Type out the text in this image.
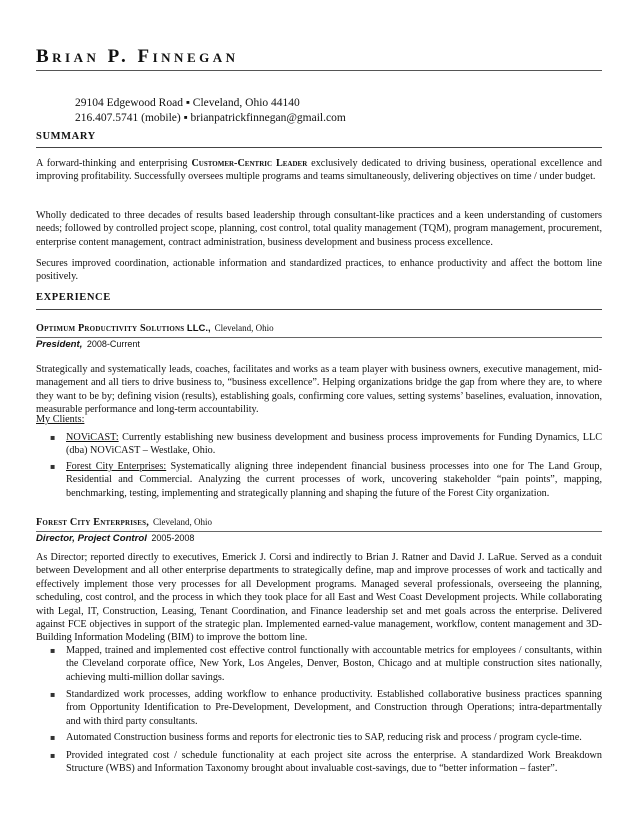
Brian P. Finnegan
29104 Edgewood Road ▪ Cleveland, Ohio 44140
216.407.5741 (mobile) ▪ brianpatrickfinnegan@gmail.com
SUMMARY
A forward-thinking and enterprising Customer-Centric Leader exclusively dedicated to driving business, operational excellence and improving profitability. Successfully oversees multiple programs and teams simultaneously, delivering objectives on time / under budget.
Wholly dedicated to three decades of results based leadership through consultant-like practices and a keen understanding of customers needs; followed by controlled project scope, planning, cost control, total quality management (TQM), program management, procurement, enterprise content management, contract administration, business development and business process excellence.
Secures improved coordination, actionable information and standardized practices, to enhance productivity and affect the bottom line positively.
EXPERIENCE
Optimum Productivity Solutions LLC., Cleveland, Ohio
President, 2008-Current
Strategically and systematically leads, coaches, facilitates and works as a team player with business owners, executive management, mid-management and all tiers to drive business to, “business excellence”. Helping organizations bridge the gap from where they are, to where they want to be by; defining vision (results), establishing goals, confirming core values, setting systems’ baselines, evaluation, innovation, measurable performance and long-term accountability.
My Clients:
▪	NOViCAST: Currently establishing new business development and business process improvements for Funding Dynamics, LLC (dba) NOViCAST – Westlake, Ohio.
▪	Forest City Enterprises: Systematically aligning three independent financial business processes into one for The Land Group, Residential and Commercial. Analyzing the current processes of work, uncovering stakeholder “pain points”, mapping, benchmarking, testing, implementing and strategically planning and shaping the future of the Forest City organization.
Forest City Enterprises, Cleveland, Ohio
Director, Project Control 2005-2008
As Director; reported directly to executives, Emerick J. Corsi and indirectly to Brian J. Ratner and David J. LaRue. Served as a conduit between Development and all other enterprise departments to strategically define, map and improve processes of work and tactically and effectively implement those very processes for all Development programs. Managed several professionals, overseeing the planning, scheduling, cost control, and the process in which they took place for all East and West Coast Development projects. While collaborating with Legal, IT, Construction, Leasing, Tenant Coordination, and Finance leadership set and met goals across the enterprise. Delivered against FCE objectives in support of the strategic plan. Implemented earned-value management, workflow, content management and 3D-Building Information Modeling (BIM) to improve the bottom line.
▪	Mapped, trained and implemented cost effective control functionally with accountable metrics for employees / consultants, within the Cleveland corporate office, New York, Los Angeles, Denver, Boston, Chicago and at multiple construction sites nationally, achieving multi-million dollar savings.
▪	Standardized work processes, adding workflow to enhance productivity. Established collaborative business practices spanning from Opportunity Identification to Pre-Development, Development, and Construction through Operations; intra-departmentally and with third party consultants.
▪	Automated Construction business forms and reports for electronic ties to SAP, reducing risk and process / program cycle-time.
▪	Provided integrated cost / schedule functionality at each project site across the enterprise. A standardized Work Breakdown Structure (WBS) and Information Taxonomy brought about invaluable cost-savings, due to “better information – faster”.
